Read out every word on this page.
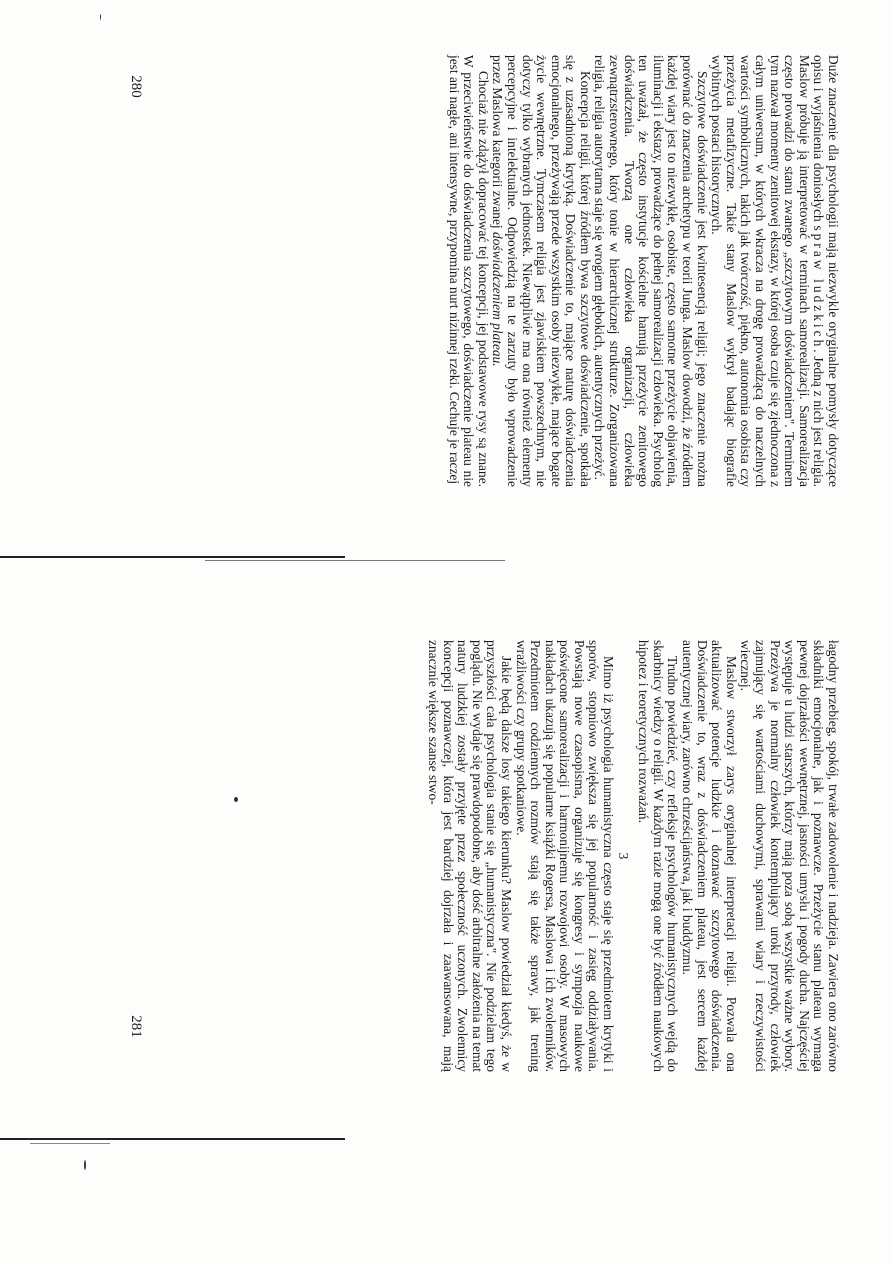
Duże znaczenie dla psychologii mają niezwykle oryginalne pomysły dotyczące opisu i wyjaśnienia doniosłych spraw ludzkich. Jedną z nich jest religia. Maslow próbuje ją interpretować w terminach samorealizacji. Samorealizacja często prowadzi do stanu zwanego „szczytowym doświadczeniem". Terminem tym nazwał momenty zenitowej ekstazy, w której osoba czuje się zjednoczona z całym uniwersum, w których wkracza na drogę prowadzącą do naczelnych wartości symbolicznych, takich jak twórczość, piękno, autonomia osobista czy przeżycia metafizyczne. Takie stany Maslow wykrył badając biografie wybitnych postaci historycznych.

Szczytowe doświadczenie jest kwintesencją religii; jego znaczenie można porównać do znaczenia archetypu w teorii Junga. Maslow dowodzi, że źródłem każdej wiary jest to niezwykłe, osobiste, często samotne przeżycie objawienia, iluminacji i ekstazy, prowadzące do pełnej samorealizacji człowieka. Psycholog ten uważał, że często instytucje kościelne hamują przeżycie zenitowego doświadczenia. Tworzą one człowieka organizacji, człowieka zewnątrzsterownego, który tonie w hierarchicznej strukturze. Zorganizowana religia, religia autorytarna staje się wrogiem głębokich, autentycznych przeżyć.

Koncepcja religii, której źródłem bywa szczytowe doświadczenie, spotkała się z uzasadnioną krytyką. Doświadczenie to, mające naturę doświadczenia emocjonalnego, przeżywają przede wszystkim osoby niezwykłe, mające bogate życie wewnętrzne. Tymczasem religia jest zjawiskiem powszechnym, nie dotyczy tylko wybranych jednostek. Niewątpliwie ma ona również elementy percepcyjne i intelektualne. Odpowiedzią na te zarzuty było wprowadzenie przez Maslowa kategorii zwanej doświadczeniem plateau.

Chociaż nie zdążył dopracować tej koncepcji, jej podstawowe rysy są znane. W przeciwieństwie do doświadczenia szczytowego, doświadczenie plateau nie jest ani nagłe, ani intensywne, przypomina nurt nizinnej rzeki. Cechuje je raczej

280

łagodny przebieg, spokój, trwałe zadowolenie i nadzieja. Zawiera ono zarówno składniki emocjonalne, jak i poznawcze. Przeżycie stanu plateau wymaga pewnej dojrzałości wewnętrznej, jasności umysłu i pogody ducha. Najczęściej występuje u ludzi starszych, którzy mają poza sobą wszystkie ważne wybory. Przeżywa je normalny człowiek kontemplujący uroki przyrody, człowiek zajmujący się wartościami duchowymi, sprawami wiary i rzeczywistości wiecznej.

Maslow stworzył zarys oryginalnej interpretacji religii. Pozwala ona aktualizować potencje ludzkie i doznawać szczytowego doświadczenia. Doświadczenie to, wraz z doświadczeniem plateau, jest sercem każdej autentycznej wiary, zarówno chrześcijaństwa, jak i buddyzmu.

Trudno powiedzieć, czy refleksje psychologów humanistycznych wejdą do skarbnicy wiedzy o religii. W każdym razie mogą one być źródłem naukowych hipotez i teoretycznych rozważań.

3

Mimo iż psychologia humanistyczna często staje się przedmiotem krytyki i sporów, stopniowo zwiększa się jej popularność i zasięg oddziaływania. Powstają nowe czasopisma, organizuje się kongresy i sympozja naukowe poświęcone samorealizacji i harmonijnemu rozwojowi osoby. W masowych nakładach ukazują się popularne książki Rogersa, Maslowa i ich zwolenników. Przedmiotem codziennych rozmów stają się także sprawy, jak trening wrażliwości czy grupy spotkaniowe.

Jakie będą dalsze losy takiego kierunku? Maslow powiedział kiedyś, że w przyszłości cała psychologia stanie się „humanistyczna". Nie podzielam tego poglądu. Nie wydaje się prawdopodobne, aby dość arbitralne założenia na temat natury ludzkiej zostały przyjęte przez społeczność uczonych. Zwolennicy koncepcji poznawczej, która jest bardziej dojrzała i zaawansowana, mają znacznie większe szanse stwo-

281
